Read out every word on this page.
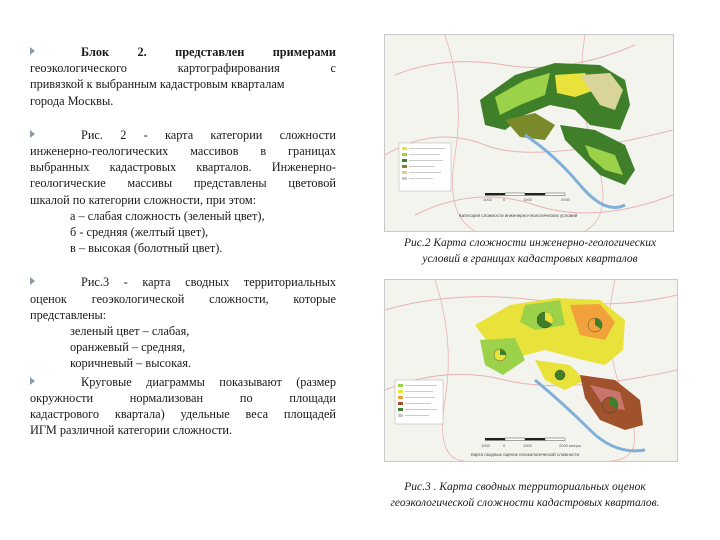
Блок 2. представлен примерами
геоэкологического картографирования с
привязкой к выбранным кадастровым кварталам
города Москвы.
Рис. 2 - карта категории сложности
инженерно-геологических массивов в границах
выбранных кадастровых кварталов. Инженерно-
геологические массивы представлены цветовой
шкалой по категории сложности, при этом:
а – слабая сложность (зеленый цвет),
б - средняя (желтый цвет),
в – высокая (болотный цвет).
Рис.3 - карта сводных территориальных
оценок геоэкологической сложности, которые
представлены:
зеленый цвет – слабая,
оранжевый – средняя,
коричневый – высокая.
Круговые диаграммы показывают (размер
окружности нормализован по площади
кадастрового квартала) удельные веса площадей
ИГМ различной категории сложности.
1000	0	1000	2000
Категория сложности инженерно-геологических условий
Рис.2 Карта сложности инженерно-геологических
условий в границах кадастровых кварталов
1000	0	1000	2000 метры
Карта сводных оценок геоэкологической сложности
Рис.3 . Карта сводных территориальных оценок
геоэкологической сложности кадастровых кварталов.
